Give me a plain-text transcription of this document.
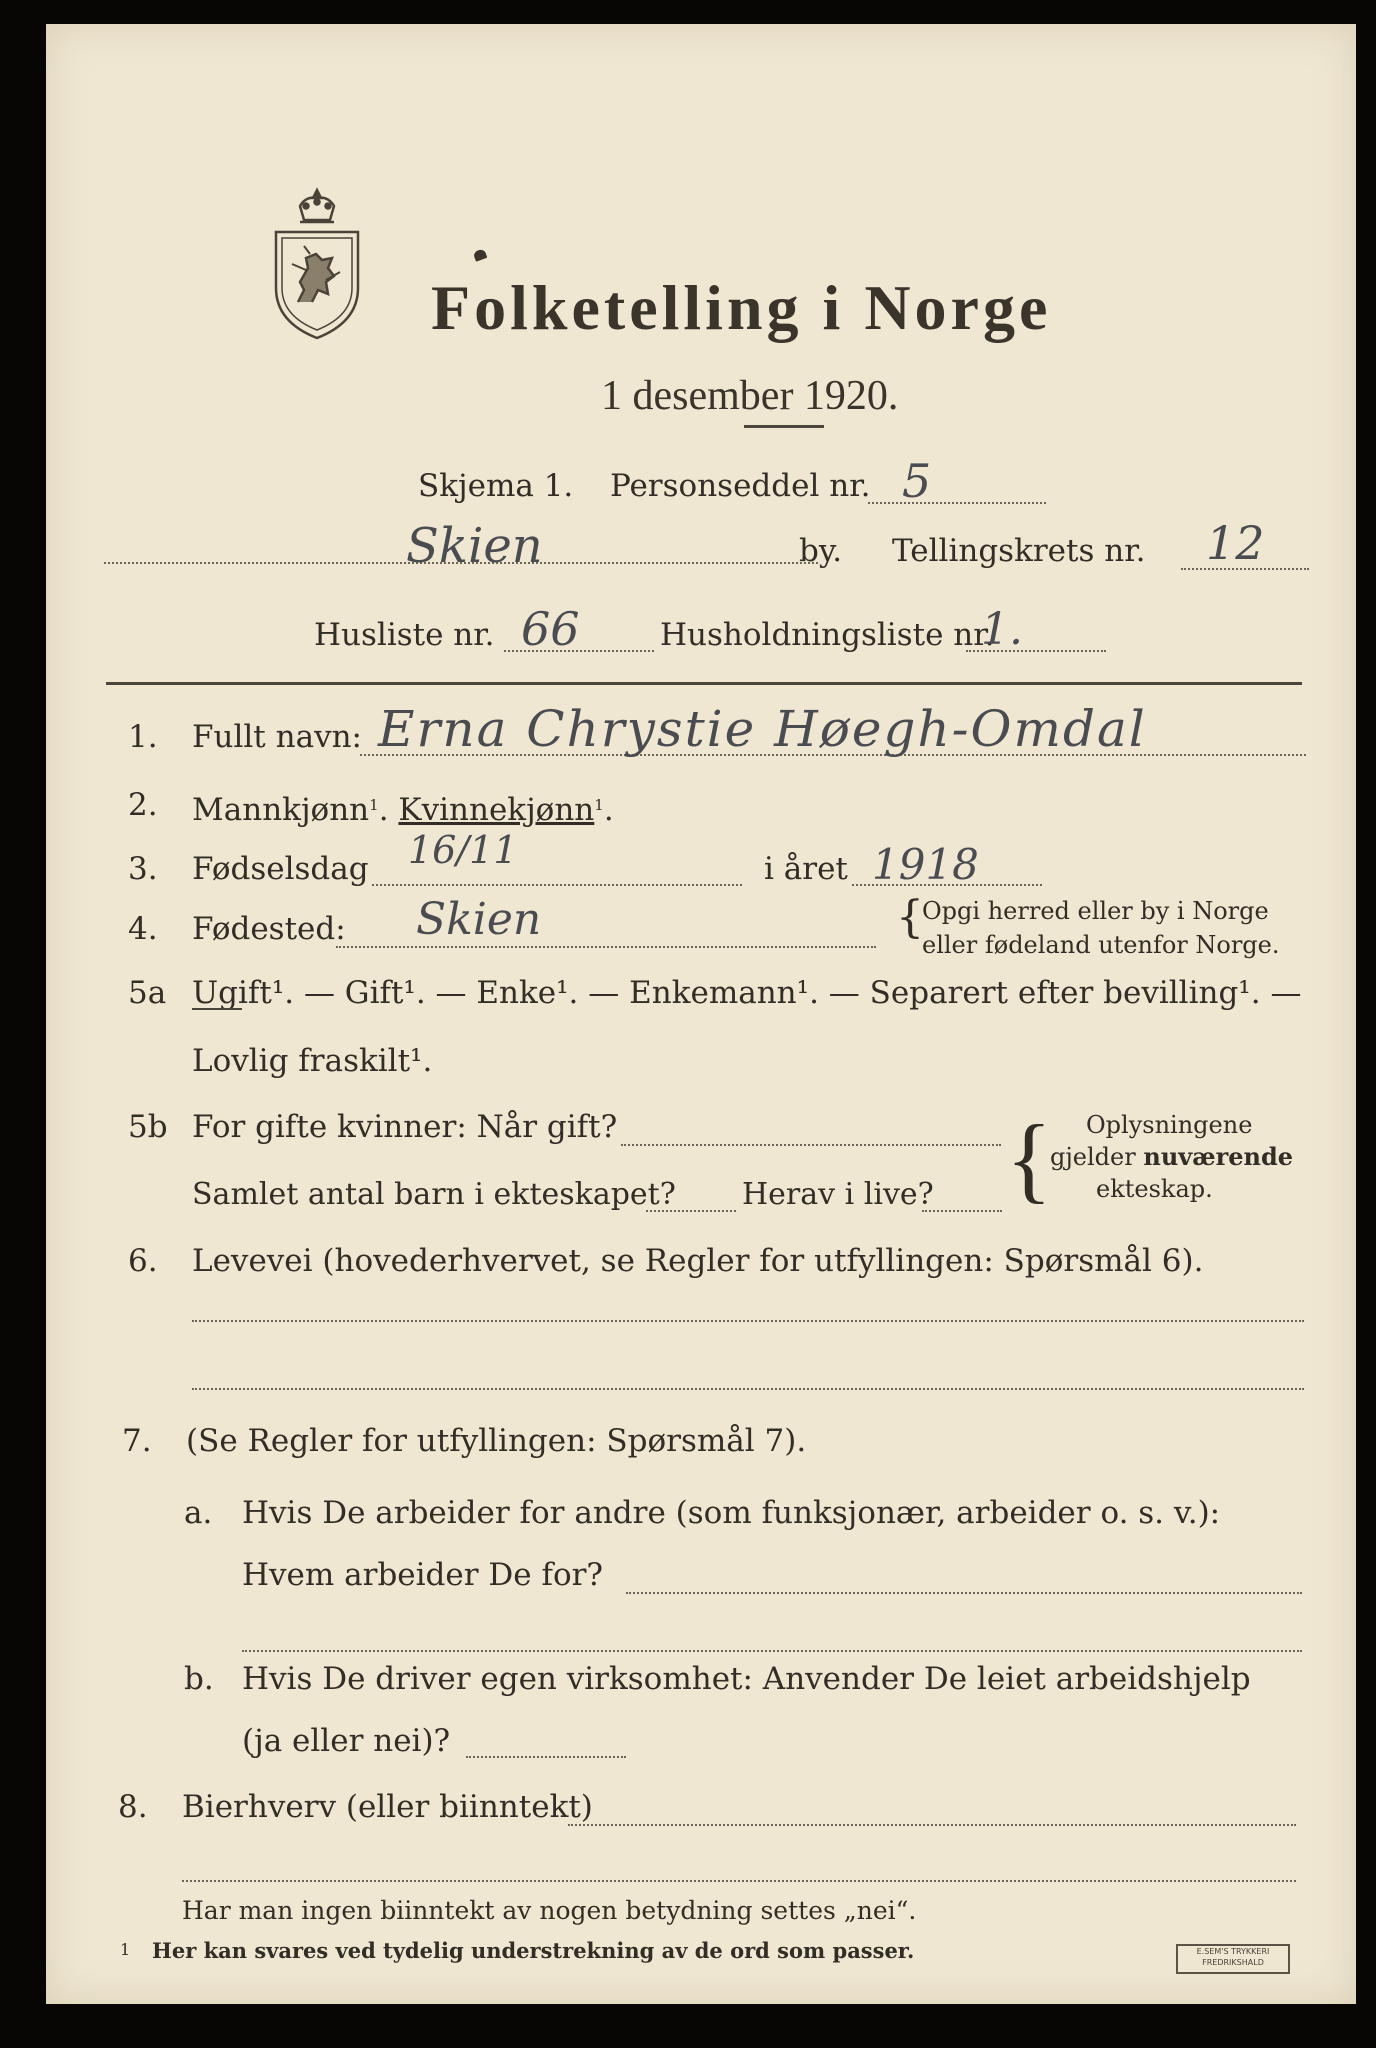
Folketelling i Norge
1 desember 1920.
Skjema 1. Personseddel nr. 5
Skien	by. Tellingskrets nr. 12
Husliste nr. 66	Husholdningsliste nr.
1.
1. Fullt navn: Erna Chrystie Høegh-Omdal
2. Mannkjønn$^1$. Kvinnekjønn$^1$.
3. Fødselsdag 16/11	i året 1918
4. Fødested: Skien	{
Opgi herred eller by i Norge
eller fødeland utenfor Norge.
5a Ugift¹. — Gift¹. — Enke¹. — Enkemann¹. — Separert efter bevilling¹. —
Lovlig fraskilt¹.
5b For gifte kvinner: Når gift?
Samlet antal barn i ekteskapet? Herav i live? { Oplysningene
gjelder nuværende
ekteskap.
6. Levevei (hovederhvervet, se Regler for utfyllingen: Spørsmål 6).
7. (Se Regler for utfyllingen: Spørsmål 7).
a. Hvis De arbeider for andre (som funksjonær, arbeider o. s. v.):
Hvem arbeider De for?
b. Hvis De driver egen virksomhet: Anvender De leiet arbeidshjelp
(ja eller nei)?
8. Bierhverv (eller biinntekt)
Har man ingen biinntekt av nogen betydning settes „nei“.
1 Her kan svares ved tydelig understrekning av de ord som passer.	E.SEM'S TRYKKERI
FREDRIKSHALD
